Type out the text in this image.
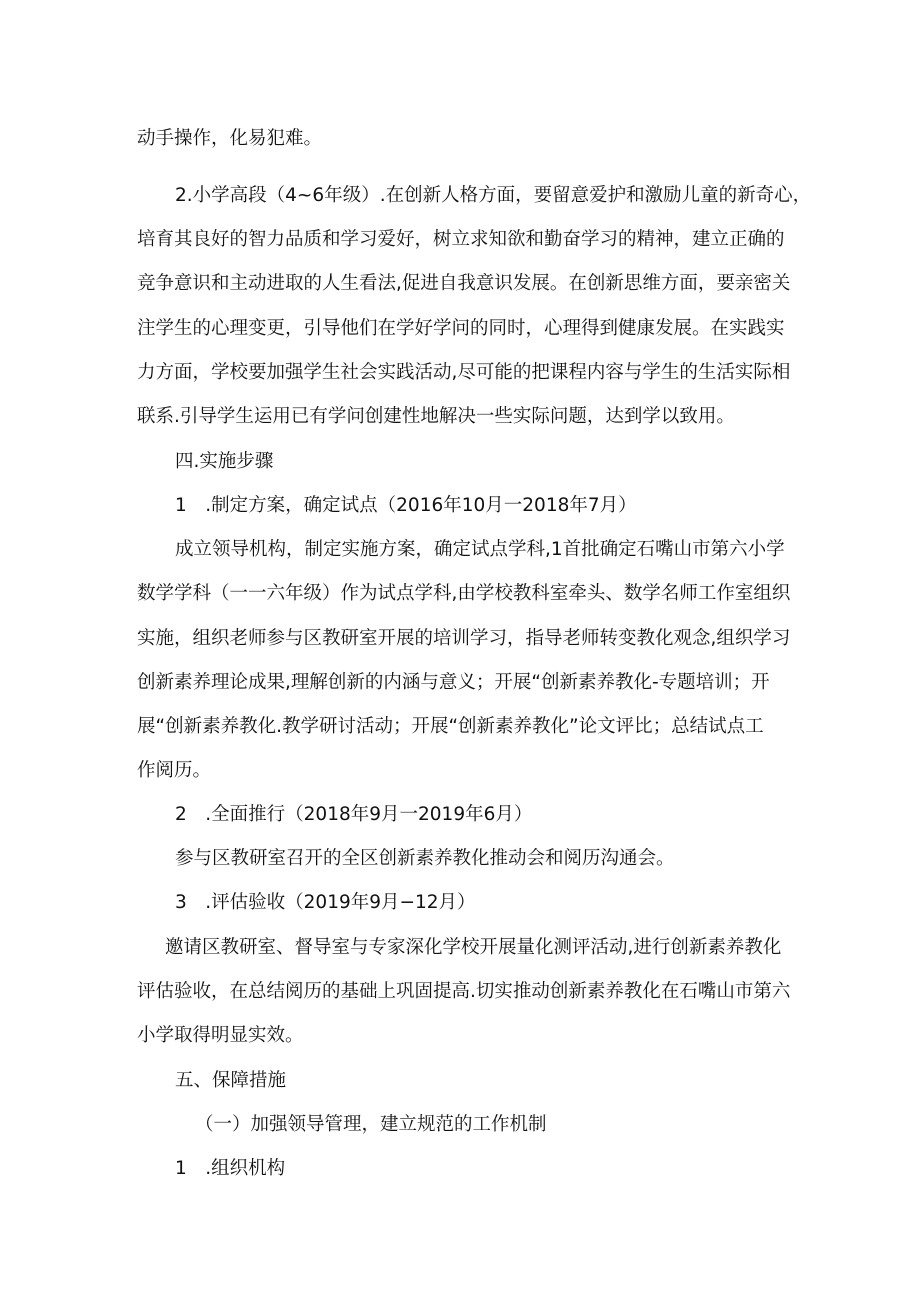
动手操作，化易犯难。
2.小学高段（4~6年级）.在创新人格方面，要留意爱护和激励儿童的新奇心，
培育其良好的智力品质和学习爱好，树立求知欲和勤奋学习的精神，建立正确的
竞争意识和主动进取的人生看法,促进自我意识发展。在创新思维方面，要亲密关
注学生的心理变更，引导他们在学好学问的同时，心理得到健康发展。在实践实
力方面，学校要加强学生社会实践活动,尽可能的把课程内容与学生的生活实际相
联系.引导学生运用已有学问创建性地解决一些实际问题，达到学以致用。
四.实施步骤
1　.制定方案，确定试点（2016年10月一2018年7月）
成立领导机构，制定实施方案，确定试点学科,1首批确定石嘴山市第六小学
数学学科（一一六年级）作为试点学科,由学校教科室牵头、数学名师工作室组织
实施，组织老师参与区教研室开展的培训学习，指导老师转变教化观念,组织学习
创新素养理论成果,理解创新的内涵与意义；开展“创新素养教化-专题培训；开
展“创新素养教化.教学研讨活动；开展“创新素养教化”论文评比；总结试点工
作阅历。
2　.全面推行（2018年9月一2019年6月）
参与区教研室召开的全区创新素养教化推动会和阅历沟通会。
3　.评估验收（2019年9月−12月）
邀请区教研室、督导室与专家深化学校开展量化测评活动,进行创新素养教化
评估验收，在总结阅历的基础上巩固提高.切实推动创新素养教化在石嘴山市第六
小学取得明显实效。
五、保障措施
（一）加强领导管理，建立规范的工作机制
1　.组织机构
